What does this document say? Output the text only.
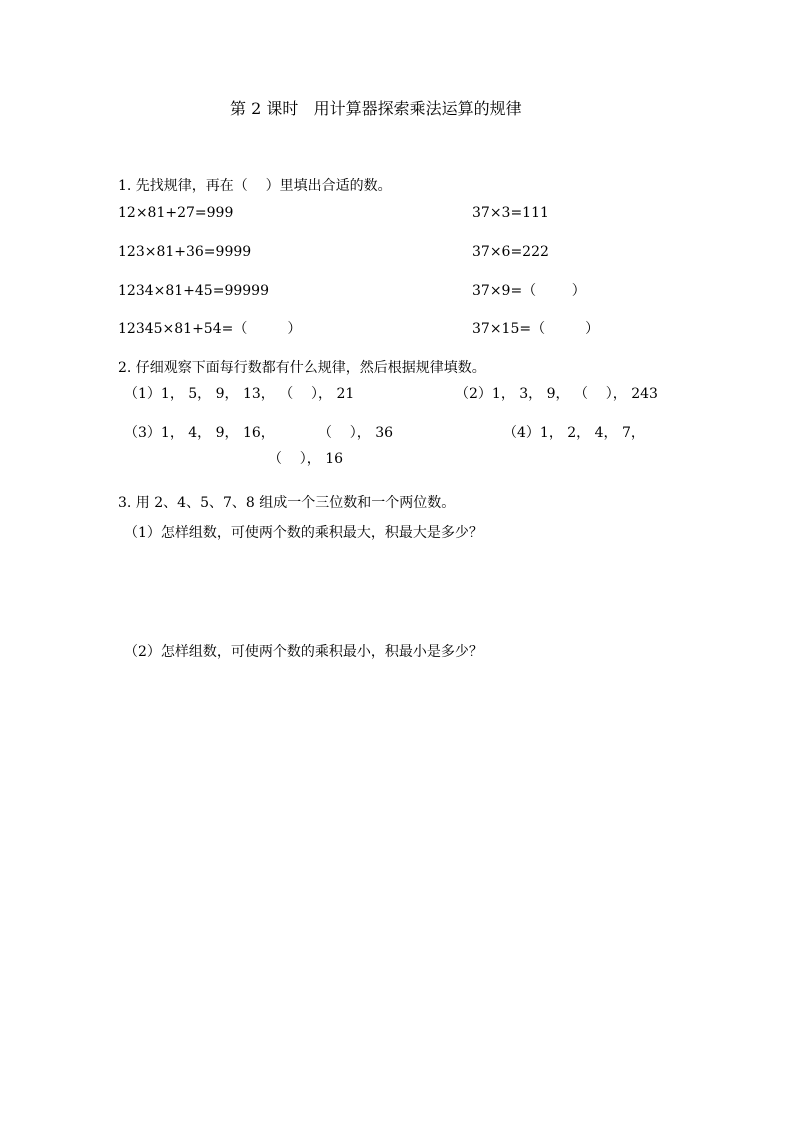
第 2 课时   用计算器探索乘法运算的规律
1. 先找规律，再在（    ）里填出合适的数。
12×81+27=999	37×3=111
123×81+36=9999	37×6=222
1234×81+45=99999	37×9=（        ）
12345×81+54=（         ）	37×15=（         ）
2. 仔细观察下面每行数都有什么规律，然后根据规律填数。
（1）1， 5， 9， 13， （    ）， 21	（2）1， 3， 9， （    ）， 243
（3）1， 4， 9， 16，	（    ）， 36	（4）1， 2， 4， 7，
（    ）， 16
3. 用 2、4、5、7、8 组成一个三位数和一个两位数。
（1）怎样组数，可使两个数的乘积最大，积最大是多少？
（2）怎样组数，可使两个数的乘积最小，积最小是多少？
